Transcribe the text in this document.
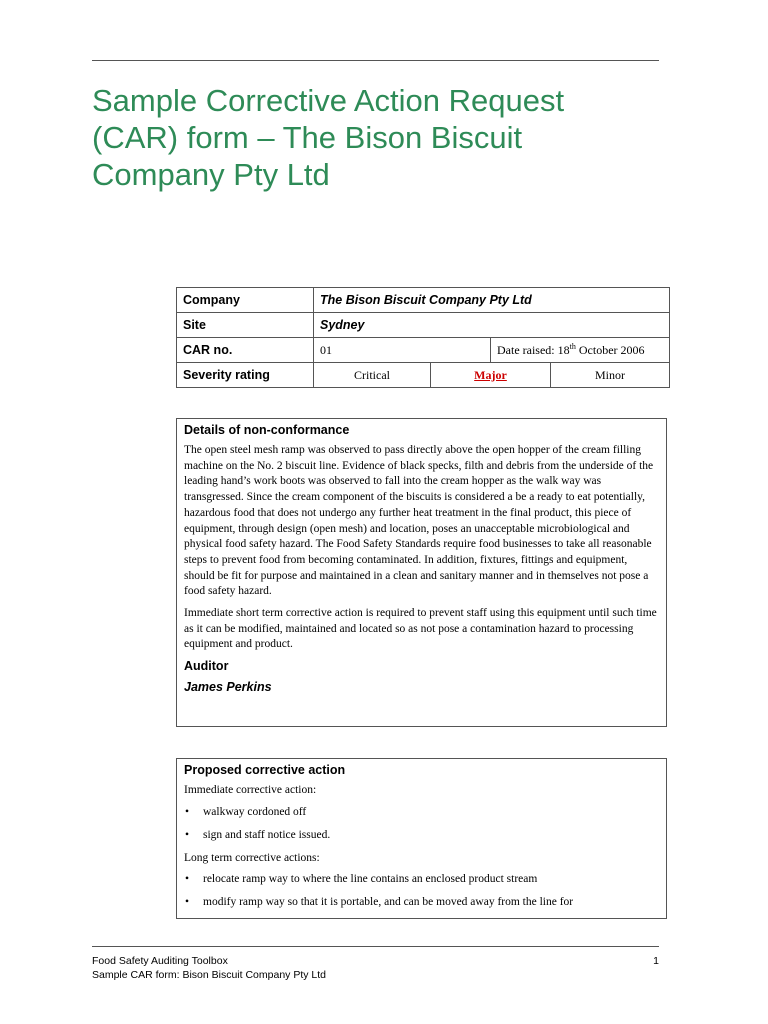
Sample Corrective Action Request (CAR) form – The Bison Biscuit Company Pty Ltd
Company	The Bison Biscuit Company Pty Ltd			
Site	Sydney			
CAR no.	01		Date raised: 18th October 2006	
Severity rating	Critical	Major		Minor
Details of non-conformance

The open steel mesh ramp was observed to pass directly above the open hopper of the cream filling machine on the No. 2 biscuit line. Evidence of black specks, filth and debris from the underside of the leading hand’s work boots was observed to fall into the cream hopper as the walk way was transgressed. Since the cream component of the biscuits is considered a be a ready to eat potentially, hazardous food that does not undergo any further heat treatment in the final product, this piece of equipment, through design (open mesh) and location, poses an unacceptable microbiological and physical food safety hazard. The Food Safety Standards require food businesses to take all reasonable steps to prevent food from becoming contaminated. In addition, fixtures, fittings and equipment, should be fit for purpose and maintained in a clean and sanitary manner and in themselves not pose a food safety hazard.

Immediate short term corrective action is required to prevent staff using this equipment until such time as it can be modified, maintained and located so as not pose a contamination hazard to processing equipment and product.

Auditor
James Perkins
Proposed corrective action

Immediate corrective action:

• walkway cordoned off
• sign and staff notice issued.

Long term corrective actions:

• relocate ramp way to where the line contains an enclosed product stream
• modify ramp way so that it is portable, and can be moved away from the line for
Food Safety Auditing Toolbox
Sample CAR form: Bison Biscuit Company Pty Ltd
1
